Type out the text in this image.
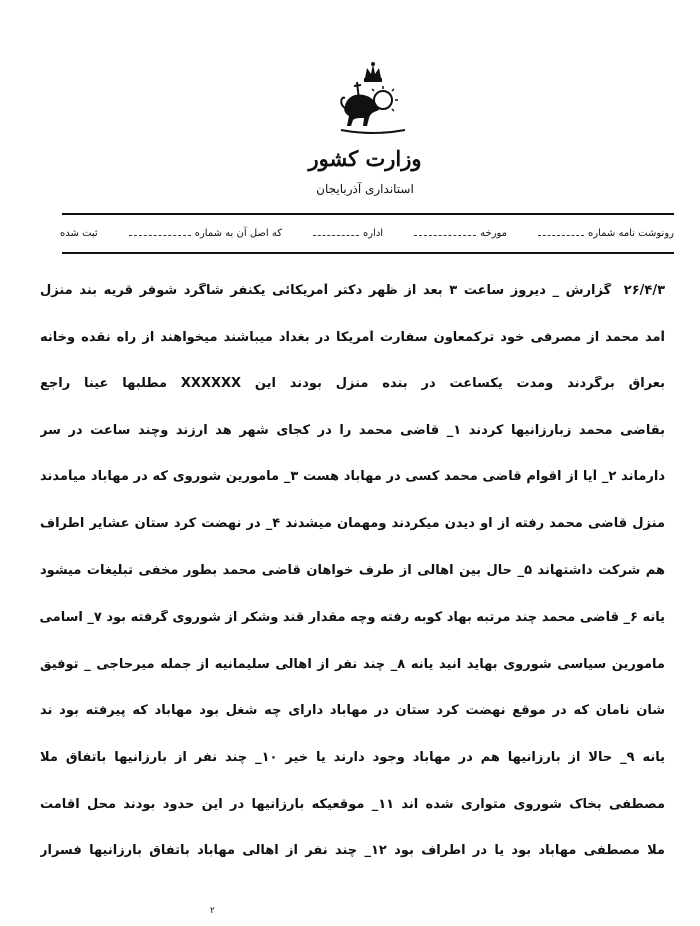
وزارت کشور
استانداری آذربایجان
رونوشت نامه شماره
مورخه
اداره
که اصل آن به شماره
ثبت شده
۲۶/۴/۳ گزارش _ دیروز ساعت ۳ بعد از ظهر دکتر آمریکائی یکنفر شاگرد شوفر قریه بند منزل
آمد محمد از مصرفی خود ترکمعاون سفارت آمریکا در بغداد میباشند میخواهند از راه نقده وخانه
بعراق برگردند ومدت یکساعت در بنده منزل بودند این XXXXXX مطلبها عیناً راجع
بقاضی محمد زبارزانیها کردند ۱_ قاضی محمد را در کجای شهر هد ارزند وچند ساعت در سر
دارماند ۲_ آیا از اقوام قاضی محمد کسی در مهاباد هست ۳_ مامورین شوروی که در مهاباد میآمدند
منزل قاضی محمد رفته از او دیدن میکردند ومهمان میشدند ۴_ در نهضت کرد ستان عشایر اطراف
هم شرکت داشتهاند ۵_ حال بین اهالی از طرف خواهان قاضی محمد بطور مخفی تبلیغات میشود
یانه ۶_ قاضی محمد چند مرتبه بهاد کوبه رفته وچه مقدار قند وشکر از شوروی گرفته بود ۷_ اسامی
مامورین سیاسی شوروی بهاید انید یانه ۸_ چند نفر از اهالی سلیمانیه از جمله میرحاجی _ توفیق
شان نامان که در موقع نهضت کرد ستان در مهاباد دارای چه شغل بود مهاباد که پیرفته بود ند
یانه ۹_ حالا از بارزانیها هم در مهاباد وجود دارند یا خیر ۱۰_ چند نفر از بارزانیها باتفاق ملا
مصطفی بخاک شوروی متواری شده اند ۱۱_ موقعیکه بارزانیها در این حدود بودند محل اقامت
ملا مصطفی مهاباد بود یا در اطراف بود ۱۲_ چند نفر از اهالی مهاباد باتفاق بارزانیها فسرار
۲
